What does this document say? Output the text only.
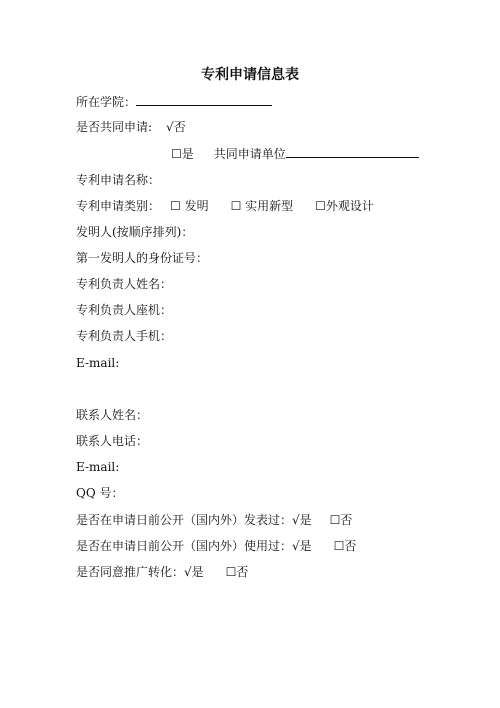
专利申请信息表
所在学院：
是否共同申请: √否
☐是 共同申请单位
专利申请名称：
专利申请类别： ☐ 发明 ☐ 实用新型 ☐外观设计
发明人(按顺序排列)：
第一发明人的身份证号：
专利负责人姓名：
专利负责人座机：
专利负责人手机：
E-mail:
联系人姓名：
联系人电话：
E-mail:
QQ 号：
是否在申请日前公开（国内外）发表过：√是 ☐否
是否在申请日前公开（国内外）使用过：√是 ☐否
是否同意推广转化：√是 ☐否
